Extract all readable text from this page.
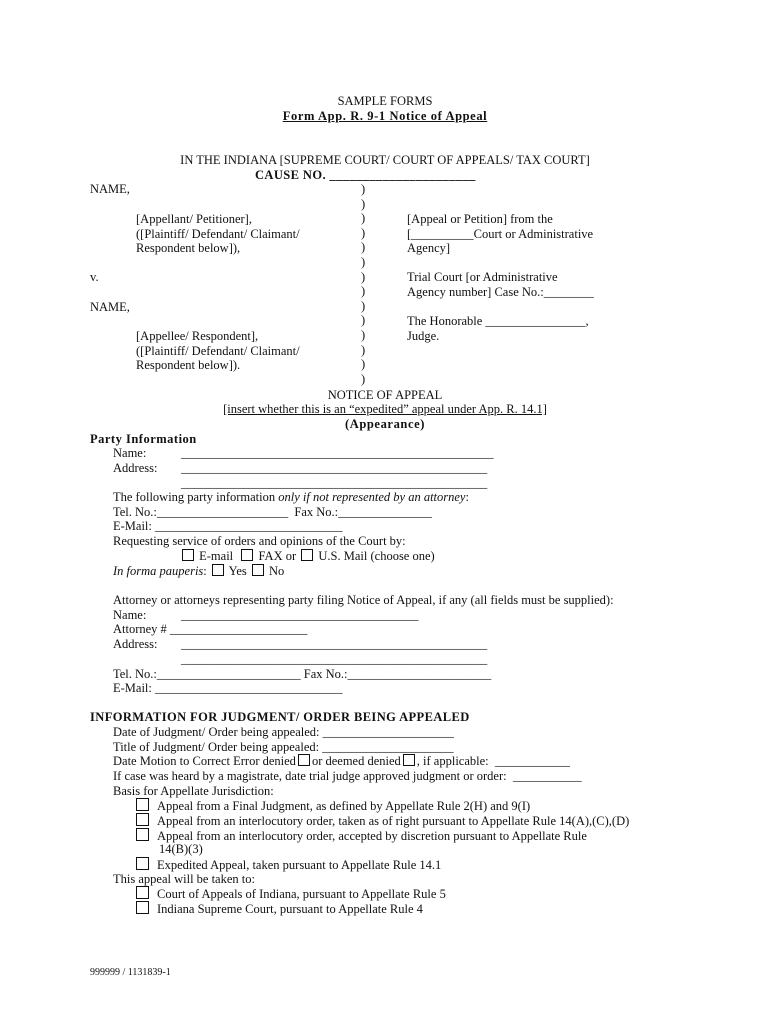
SAMPLE FORMS
Form App. R. 9-1 Notice of Appeal
IN THE INDIANA [SUPREME COURT/ COURT OF APPEALS/ TAX COURT]
CAUSE NO. ______________________
NAME,
[Appellant/ Petitioner],
([Plaintiff/ Defendant/ Claimant/
Respondent below]),
v.
NAME,
[Appellee/ Respondent],
([Plaintiff/ Defendant/ Claimant/
Respondent below]).
)
)
)
)
)
)
)
)
)
)
)
)
)
)
[Appeal or Petition] from the
[__________Court or Administrative
Agency]
Trial Court [or Administrative
Agency number] Case No.:________
The Honorable ________________,
Judge.
NOTICE OF APPEAL
[insert whether this is an “expedited” appeal under App. R. 14.1]
(Appearance)
Party Information
Name:	__________________________________________________
Address: _________________________________________________
_________________________________________________
The following party information only if not represented by an attorney:
Tel. No.:_____________________  Fax No.:_______________
E-Mail: ______________________________
Requesting service of orders and opinions of the Court by:
E-mail FAX or U.S. Mail (choose one)
In forma pauperis: Yes No
Attorney or attorneys representing party filing Notice of Appeal, if any (all fields must be supplied):
Name:	______________________________________
Attorney # ______________________
Address: _________________________________________________
_________________________________________________
Tel. No.:_______________________ Fax No.:_______________________
E-Mail: ______________________________
INFORMATION FOR JUDGMENT/ ORDER BEING APPEALED
Date of Judgment/ Order being appealed: _____________________
Title of Judgment/ Order being appealed: _____________________
Date Motion to Correct Error denied or deemed denied , if applicable:  ____________
If case was heard by a magistrate, date trial judge approved judgment or order:  ___________
Basis for Appellate Jurisdiction:
Appeal from a Final Judgment, as defined by Appellate Rule 2(H) and 9(I)
Appeal from an interlocutory order, taken as of right pursuant to Appellate Rule 14(A),(C),(D)
Appeal from an interlocutory order, accepted by discretion pursuant to Appellate Rule
14(B)(3)
Expedited Appeal, taken pursuant to Appellate Rule 14.1
This appeal will be taken to:
Court of Appeals of Indiana, pursuant to Appellate Rule 5
Indiana Supreme Court, pursuant to Appellate Rule 4
999999 / 1131839-1
